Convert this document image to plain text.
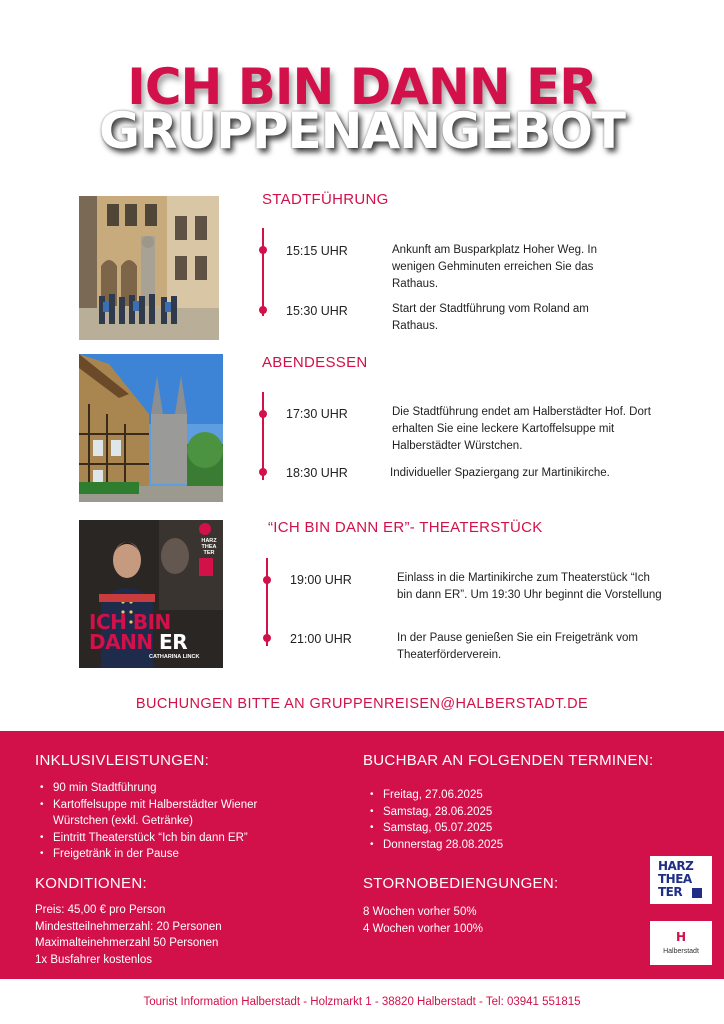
ICH BIN DANN ER
GRUPPENANGEBOT
STADTFÜHRUNG
15:15 UHR	Ankunft am Busparkplatz Hoher Weg. In wenigen Gehminuten erreichen Sie das Rathaus.
15:30 UHR	Start der Stadtführung vom Roland am Rathaus.
ABENDESSEN
17:30 UHR	Die Stadtführung endet am Halberstädter Hof. Dort erhalten Sie eine leckere Kartoffelsuppe mit Halberstädter Würstchen.
18:30 UHR	Individueller Spaziergang zur Martinikirche.
HARZ THEA TER
ICH BIN
DANN ER
CATHARINA LINCK
“ICH BIN DANN ER”- THEATERSTÜCK
19:00 UHR	Einlass in die Martinikirche zum Theaterstück “Ich bin dann ER”. Um 19:30 Uhr beginnt die Vorstellung
21:00 UHR	In der Pause genießen Sie ein Freigetränk vom Theaterförderverein.
BUCHUNGEN BITTE AN GRUPPENREISEN@HALBERSTADT.DE
INKLUSIVLEISTUNGEN:
• 90 min Stadtführung
• Kartoffelsuppe mit Halberstädter Wiener Würstchen (exkl. Getränke)
• Eintritt Theaterstück “Ich bin dann ER”
• Freigetränk in der Pause
BUCHBAR AN FOLGENDEN TERMINEN:
• Freitag, 27.06.2025
• Samstag, 28.06.2025
• Samstag, 05.07.2025
• Donnerstag 28.08.2025
KONDITIONEN:
Preis: 45,00 € pro Person
Mindestteilnehmerzahl: 20 Personen
Maximalteinehmerzahl 50 Personen
1x Busfahrer kostenlos
STORNOBEDIENGUNGEN:
8 Wochen vorher 50%
4 Wochen vorher 100%
HARZ
THEA
TER
H
Halberstadt
Tourist Information Halberstadt - Holzmarkt 1 - 38820 Halberstadt - Tel: 03941 551815
